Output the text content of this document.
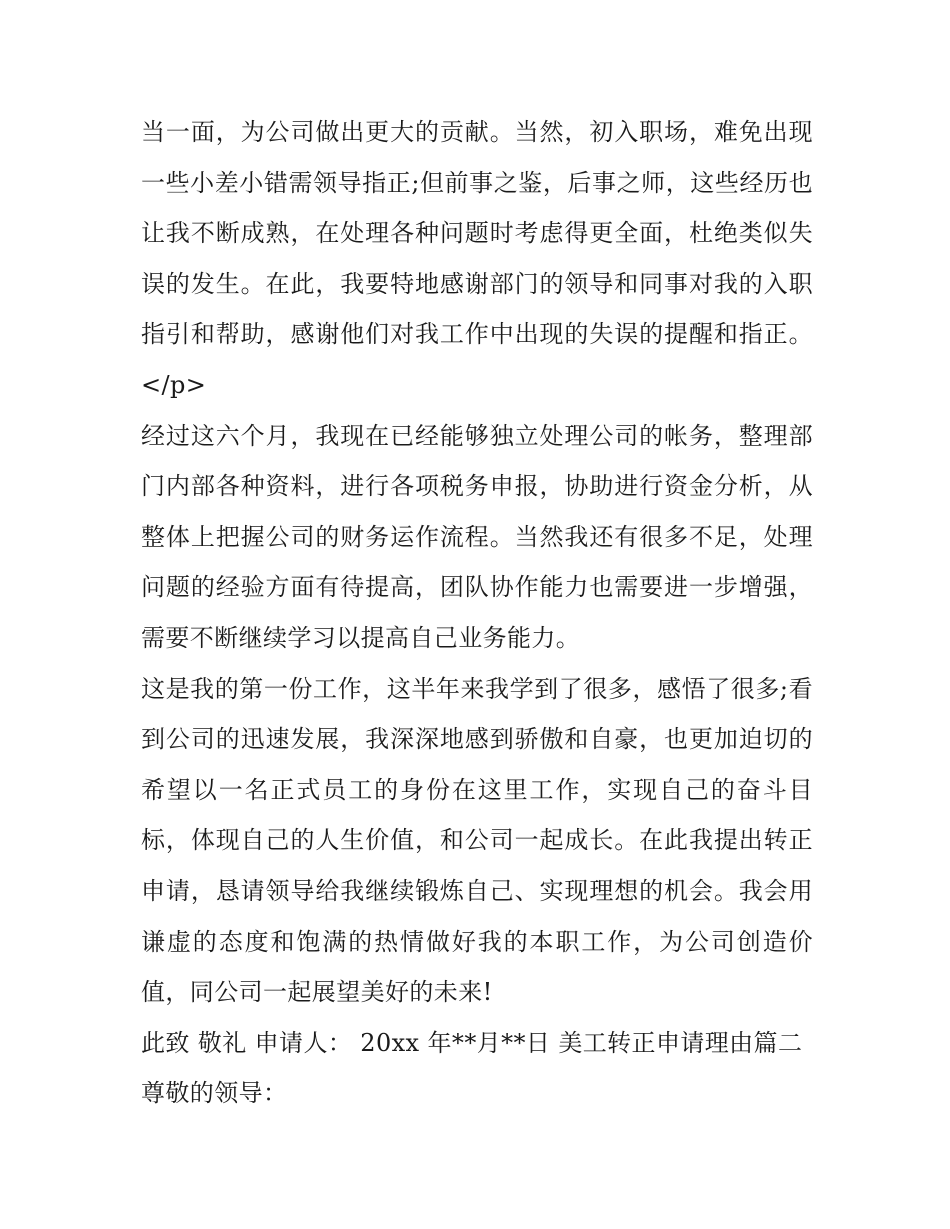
当一面，为公司做出更大的贡献。当然，初入职场，难免出现一些小差小错需领导指正;但前事之鉴，后事之师，这些经历也让我不断成熟，在处理各种问题时考虑得更全面，杜绝类似失误的发生。在此，我要特地感谢部门的领导和同事对我的入职指引和帮助，感谢他们对我工作中出现的失误的提醒和指正。</p>

经过这六个月，我现在已经能够独立处理公司的帐务，整理部门内部各种资料，进行各项税务申报，协助进行资金分析，从整体上把握公司的财务运作流程。当然我还有很多不足，处理问题的经验方面有待提高，团队协作能力也需要进一步增强，需要不断继续学习以提高自己业务能力。

这是我的第一份工作，这半年来我学到了很多，感悟了很多;看到公司的迅速发展，我深深地感到骄傲和自豪，也更加迫切的希望以一名正式员工的身份在这里工作，实现自己的奋斗目标，体现自己的人生价值，和公司一起成长。在此我提出转正申请，恳请领导给我继续锻炼自己、实现理想的机会。我会用谦虚的态度和饱满的热情做好我的本职工作，为公司创造价值，同公司一起展望美好的未来!

此致 敬礼 申请人： 20xx 年**月**日 美工转正申请理由篇二

尊敬的领导：
